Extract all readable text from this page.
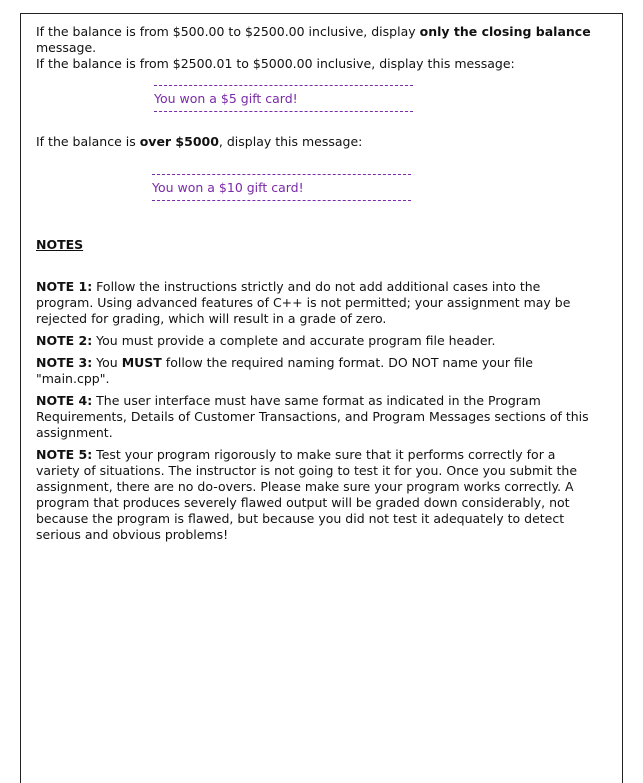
If the balance is from $500.00 to $2500.00 inclusive, display only the closing balance message.

If the balance is from $2500.01 to $5000.00 inclusive, display this message:

You won a $5 gift card!

If the balance is over $5000, display this message:

You won a $10 gift card!

NOTES

NOTE 1: Follow the instructions strictly and do not add additional cases into the program. Using advanced features of C++ is not permitted; your assignment may be rejected for grading, which will result in a grade of zero.

NOTE 2: You must provide a complete and accurate program file header.

NOTE 3: You MUST follow the required naming format. DO NOT name your file "main.cpp".

NOTE 4: The user interface must have same format as indicated in the Program Requirements, Details of Customer Transactions, and Program Messages sections of this assignment.

NOTE 5: Test your program rigorously to make sure that it performs correctly for a variety of situations. The instructor is not going to test it for you. Once you submit the assignment, there are no do-overs. Please make sure your program works correctly. A program that produces severely flawed output will be graded down considerably, not because the program is flawed, but because you did not test it adequately to detect serious and obvious problems!
